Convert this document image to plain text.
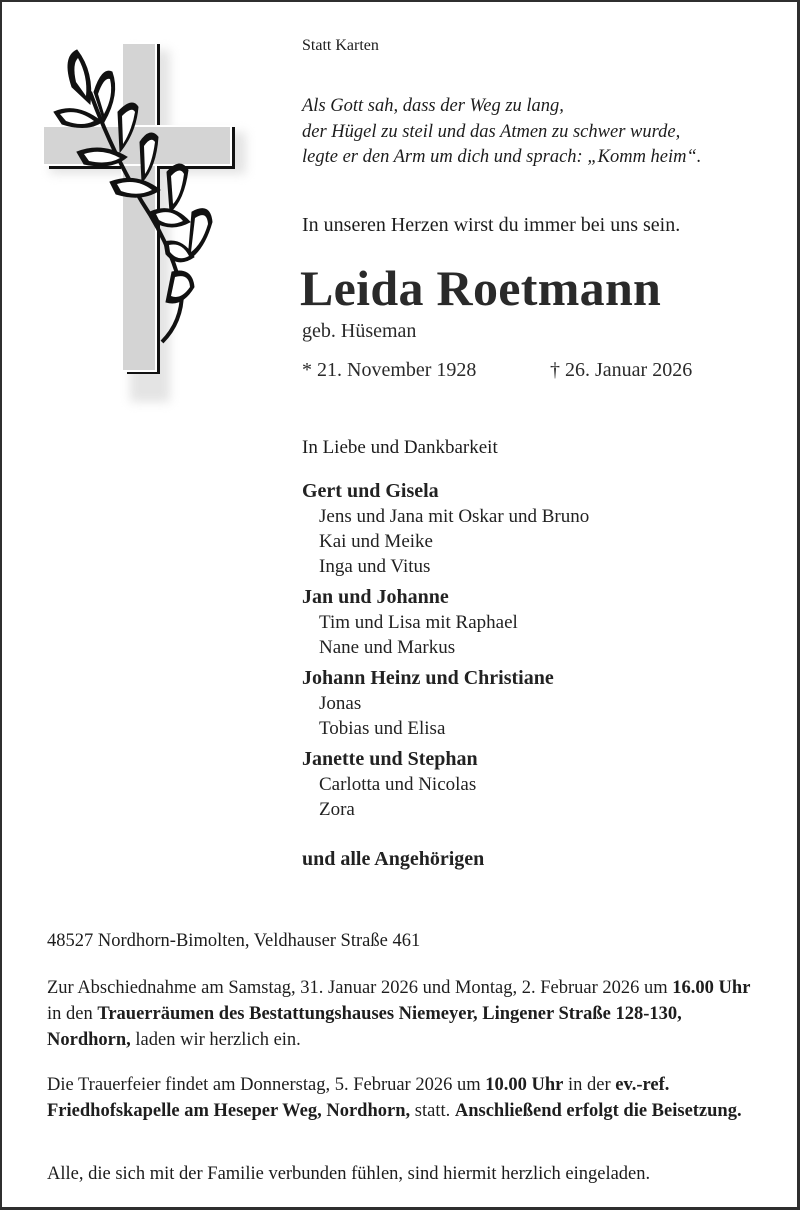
Statt Karten
Als Gott sah, dass der Weg zu lang,
der Hügel zu steil und das Atmen zu schwer wurde,
legte er den Arm um dich und sprach: „Komm heim“.
In unseren Herzen wirst du immer bei uns sein.
Leida Roetmann
geb. Hüseman
* 21. November 1928	† 26. Januar 2026
In Liebe und Dankbarkeit
Gert und Gisela
Jens und Jana mit Oskar und Bruno
Kai und Meike
Inga und Vitus
Jan und Johanne
Tim und Lisa mit Raphael
Nane und Markus
Johann Heinz und Christiane
Jonas
Tobias und Elisa
Janette und Stephan
Carlotta und Nicolas
Zora
und alle Angehörigen
48527 Nordhorn-Bimolten, Veldhauser Straße 461
Zur Abschiednahme am Samstag, 31. Januar 2026 und Montag, 2. Februar 2026 um 16.00 Uhr in den Trauerräumen des Bestattungshauses Niemeyer, Lingener Straße 128-130, Nordhorn, laden wir herzlich ein.
Die Trauerfeier findet am Donnerstag, 5. Februar 2026 um 10.00 Uhr in der ev.-ref. Friedhofskapelle am Heseper Weg, Nordhorn, statt. Anschließend erfolgt die Beisetzung.
Alle, die sich mit der Familie verbunden fühlen, sind hiermit herzlich eingeladen.
